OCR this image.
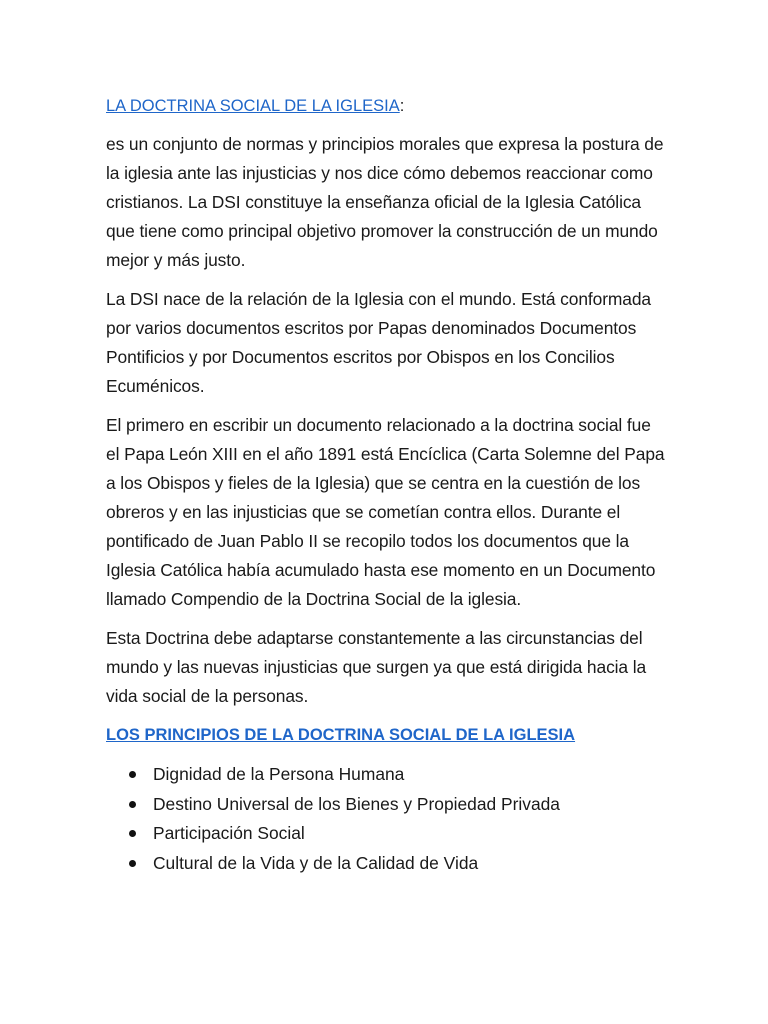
LA DOCTRINA SOCIAL DE LA IGLESIA:

es un conjunto de normas y principios morales que expresa la postura de la iglesia ante las injusticias y nos dice cómo debemos reaccionar como cristianos. La DSI constituye la enseñanza oficial de la Iglesia Católica que tiene como principal objetivo promover la construcción de un mundo mejor y más justo.

La DSI nace de la relación de la Iglesia con el mundo. Está conformada por varios documentos escritos por Papas denominados Documentos Pontificios y por Documentos escritos por Obispos en los Concilios Ecuménicos.

El primero en escribir un documento relacionado a la doctrina social fue el Papa León XIII en el año 1891 está Encíclica (Carta Solemne del Papa a los Obispos y fieles de la Iglesia) que se centra en la cuestión de los obreros y en las injusticias que se cometían contra ellos. Durante el pontificado de Juan Pablo II se recopilo todos los documentos que la Iglesia Católica había acumulado hasta ese momento en un Documento llamado Compendio de la Doctrina Social de la iglesia.

Esta Doctrina debe adaptarse constantemente a las circunstancias del mundo y las nuevas injusticias que surgen ya que está dirigida hacia la vida social de la personas.

LOS PRINCIPIOS DE LA DOCTRINA SOCIAL DE LA IGLESIA
Dignidad de la Persona Humana
Destino Universal de los Bienes y Propiedad Privada
Participación Social
Cultural de la Vida y de la Calidad de Vida
